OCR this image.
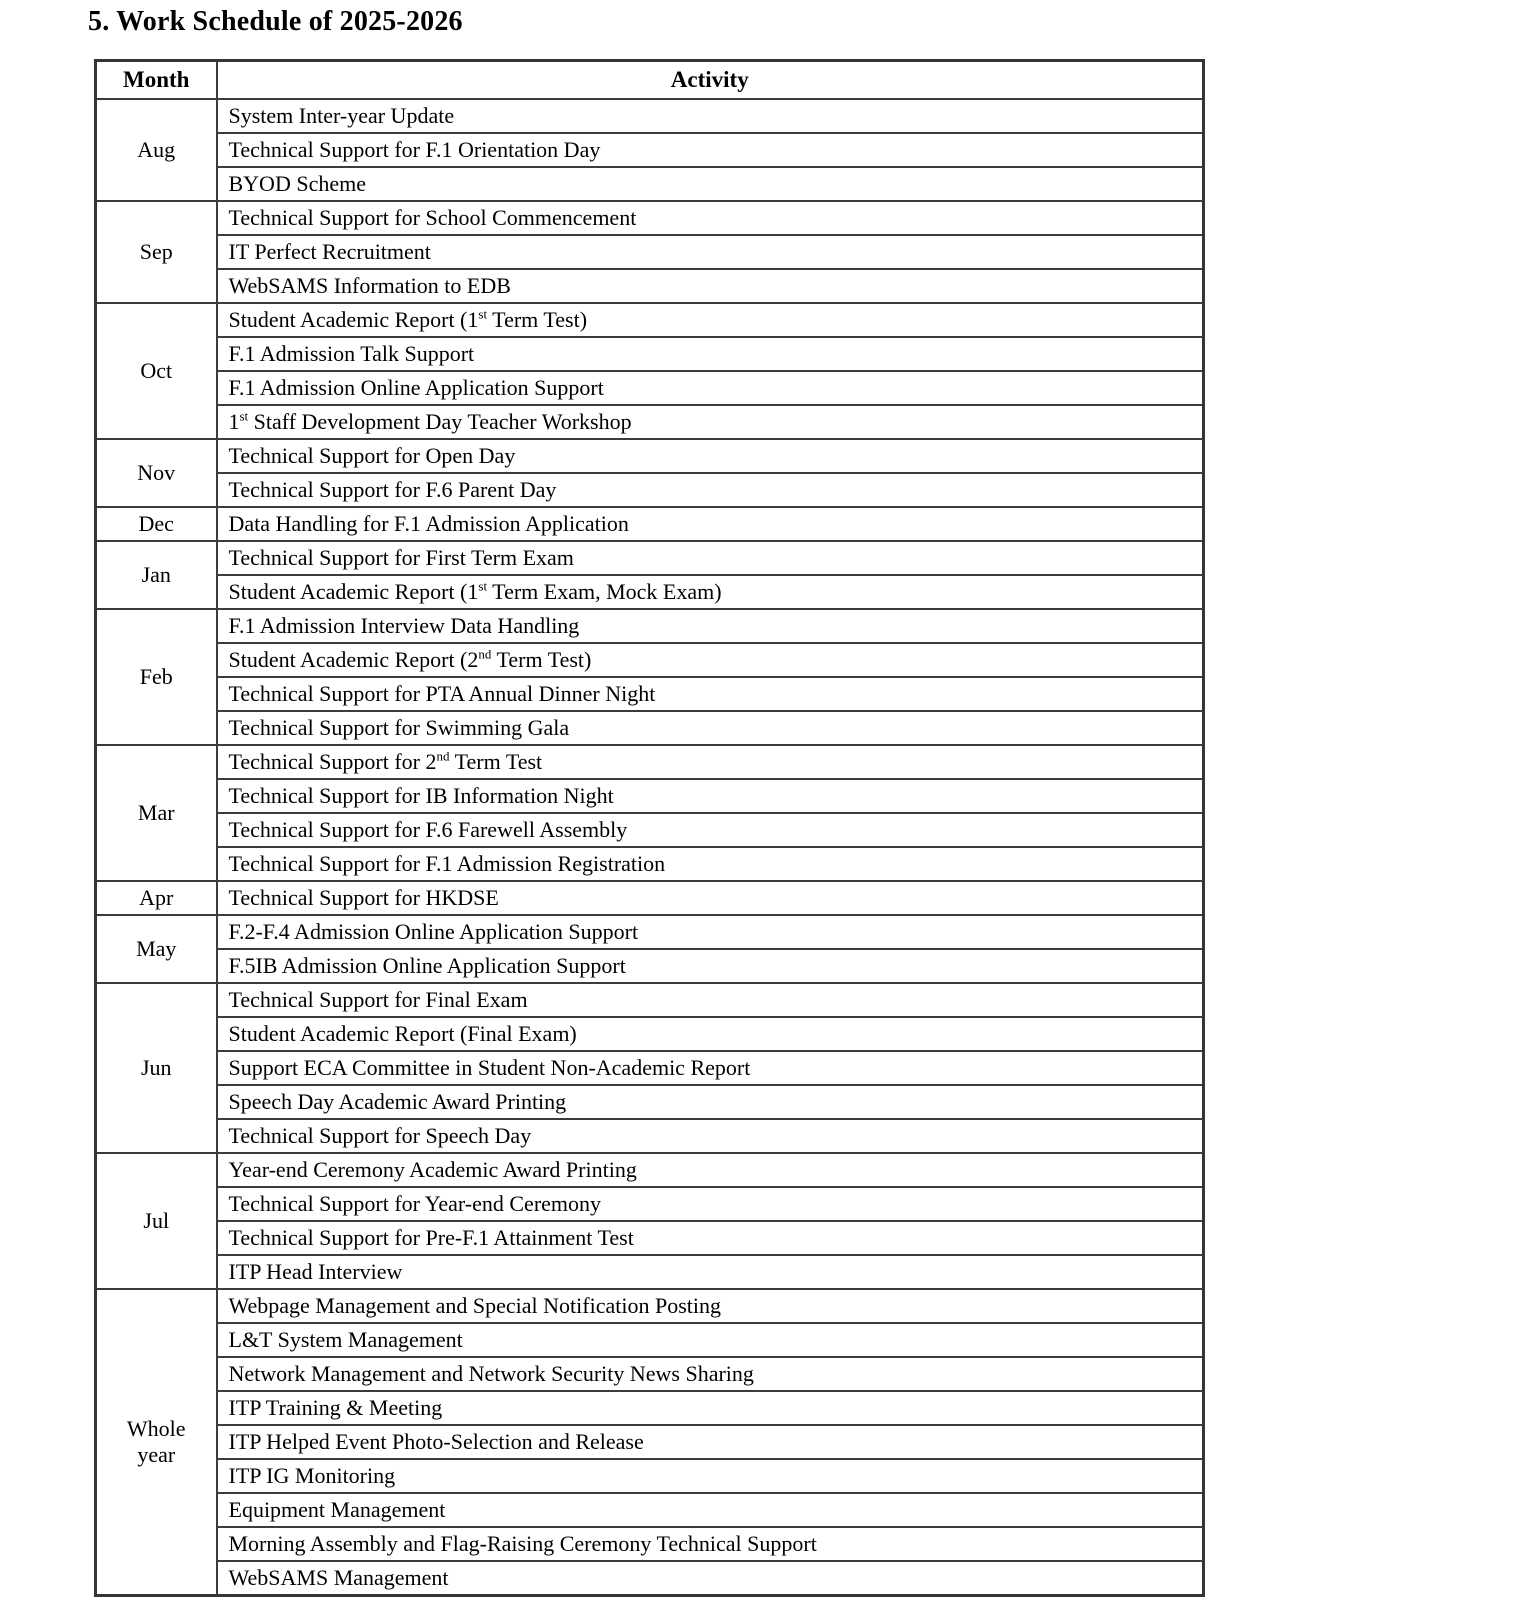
5. Work Schedule of 2025-2026
Month	Activity
Aug	System Inter-year Update
	Technical Support for F.1 Orientation Day
	BYOD Scheme
Sep	Technical Support for School Commencement
	IT Perfect Recruitment
	WebSAMS Information to EDB
Oct	Student Academic Report (1st Term Test)
	F.1 Admission Talk Support
	F.1 Admission Online Application Support
	1st Staff Development Day Teacher Workshop
Nov	Technical Support for Open Day
	Technical Support for F.6 Parent Day
Dec	Data Handling for F.1 Admission Application
Jan	Technical Support for First Term Exam
	Student Academic Report (1st Term Exam, Mock Exam)
Feb	F.1 Admission Interview Data Handling
	Student Academic Report (2nd Term Test)
	Technical Support for PTA Annual Dinner Night
	Technical Support for Swimming Gala
Mar	Technical Support for 2nd Term Test
	Technical Support for IB Information Night
	Technical Support for F.6 Farewell Assembly
	Technical Support for F.1 Admission Registration
Apr	Technical Support for HKDSE
May	F.2-F.4 Admission Online Application Support
	F.5IB Admission Online Application Support
Jun	Technical Support for Final Exam
	Student Academic Report (Final Exam)
	Support ECA Committee in Student Non-Academic Report
	Speech Day Academic Award Printing
	Technical Support for Speech Day
Jul	Year-end Ceremony Academic Award Printing
	Technical Support for Year-end Ceremony
	Technical Support for Pre-F.1 Attainment Test
	ITP Head Interview
Whole year	Webpage Management and Special Notification Posting
	L&T System Management
	Network Management and Network Security News Sharing
	ITP Training & Meeting
	ITP Helped Event Photo-Selection and Release
	ITP IG Monitoring
	Equipment Management
	Morning Assembly and Flag-Raising Ceremony Technical Support
	WebSAMS Management
